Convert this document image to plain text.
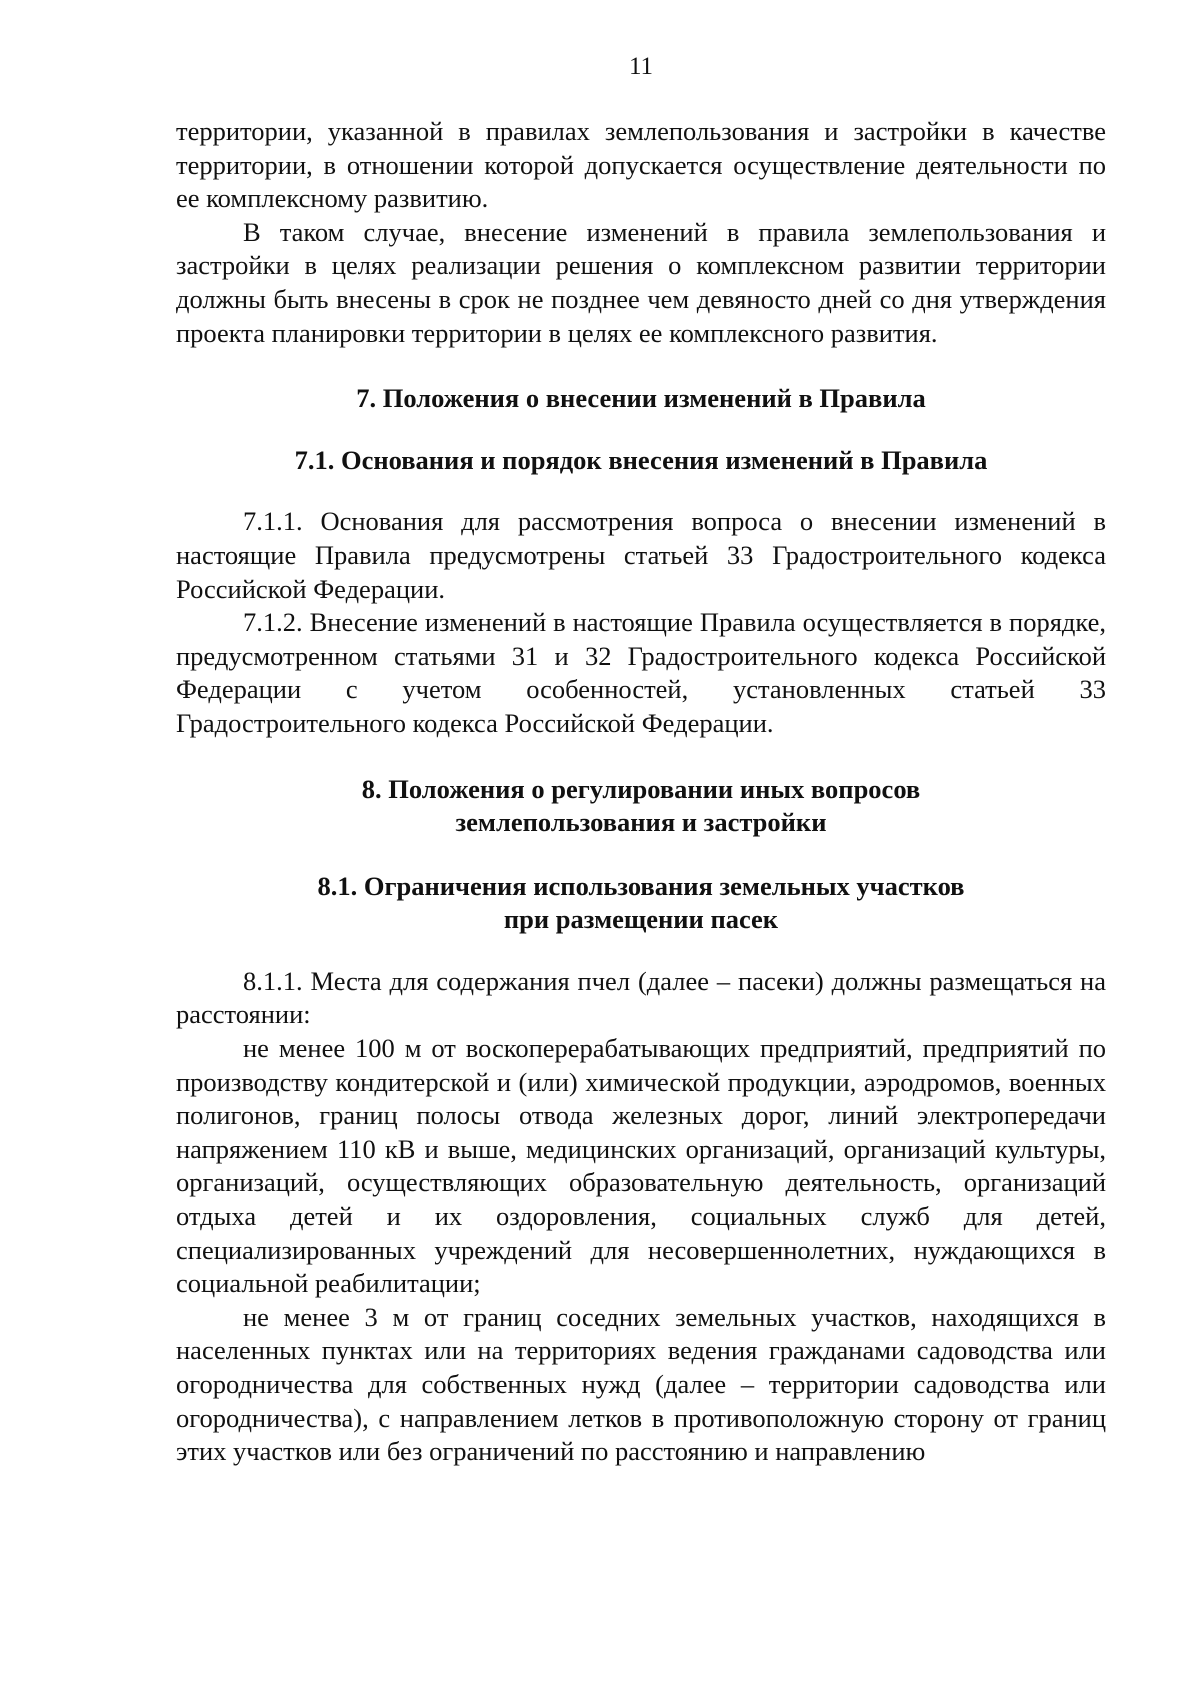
11

территории, указанной в правилах землепользования и застройки в качестве территории, в отношении которой допускается осуществление деятельности по ее комплексному развитию.

В таком случае, внесение изменений в правила землепользования и застройки в целях реализации решения о комплексном развитии территории должны быть внесены в срок не позднее чем девяносто дней со дня утверждения проекта планировки территории в целях ее комплексного развития.

7. Положения о внесении изменений в Правила

7.1. Основания и порядок внесения изменений в Правила

7.1.1. Основания для рассмотрения вопроса о внесении изменений в настоящие Правила предусмотрены статьей 33 Градостроительного кодекса Российской Федерации.

7.1.2. Внесение изменений в настоящие Правила осуществляется в порядке, предусмотренном статьями 31 и 32 Градостроительного кодекса Российской Федерации с учетом особенностей, установленных статьей 33 Градостроительного кодекса Российской Федерации.

8. Положения о регулировании иных вопросов

землепользования и застройки

8.1. Ограничения использования земельных участков

при размещении пасек

8.1.1. Места для содержания пчел (далее – пасеки) должны размещаться на расстоянии:

не менее 100 м от воскоперерабатывающих предприятий, предприятий по производству кондитерской и (или) химической продукции, аэродромов, военных полигонов, границ полосы отвода железных дорог, линий электропередачи напряжением 110 кВ и выше, медицинских организаций, организаций культуры, организаций, осуществляющих образовательную деятельность, организаций отдыха детей и их оздоровления, социальных служб для детей, специализированных учреждений для несовершеннолетних, нуждающихся в социальной реабилитации;

не менее 3 м от границ соседних земельных участков, находящихся в населенных пунктах или на территориях ведения гражданами садоводства или огородничества для собственных нужд (далее – территории садоводства или огородничества), с направлением летков в противоположную сторону от границ этих участков или без ограничений по расстоянию и направлению
